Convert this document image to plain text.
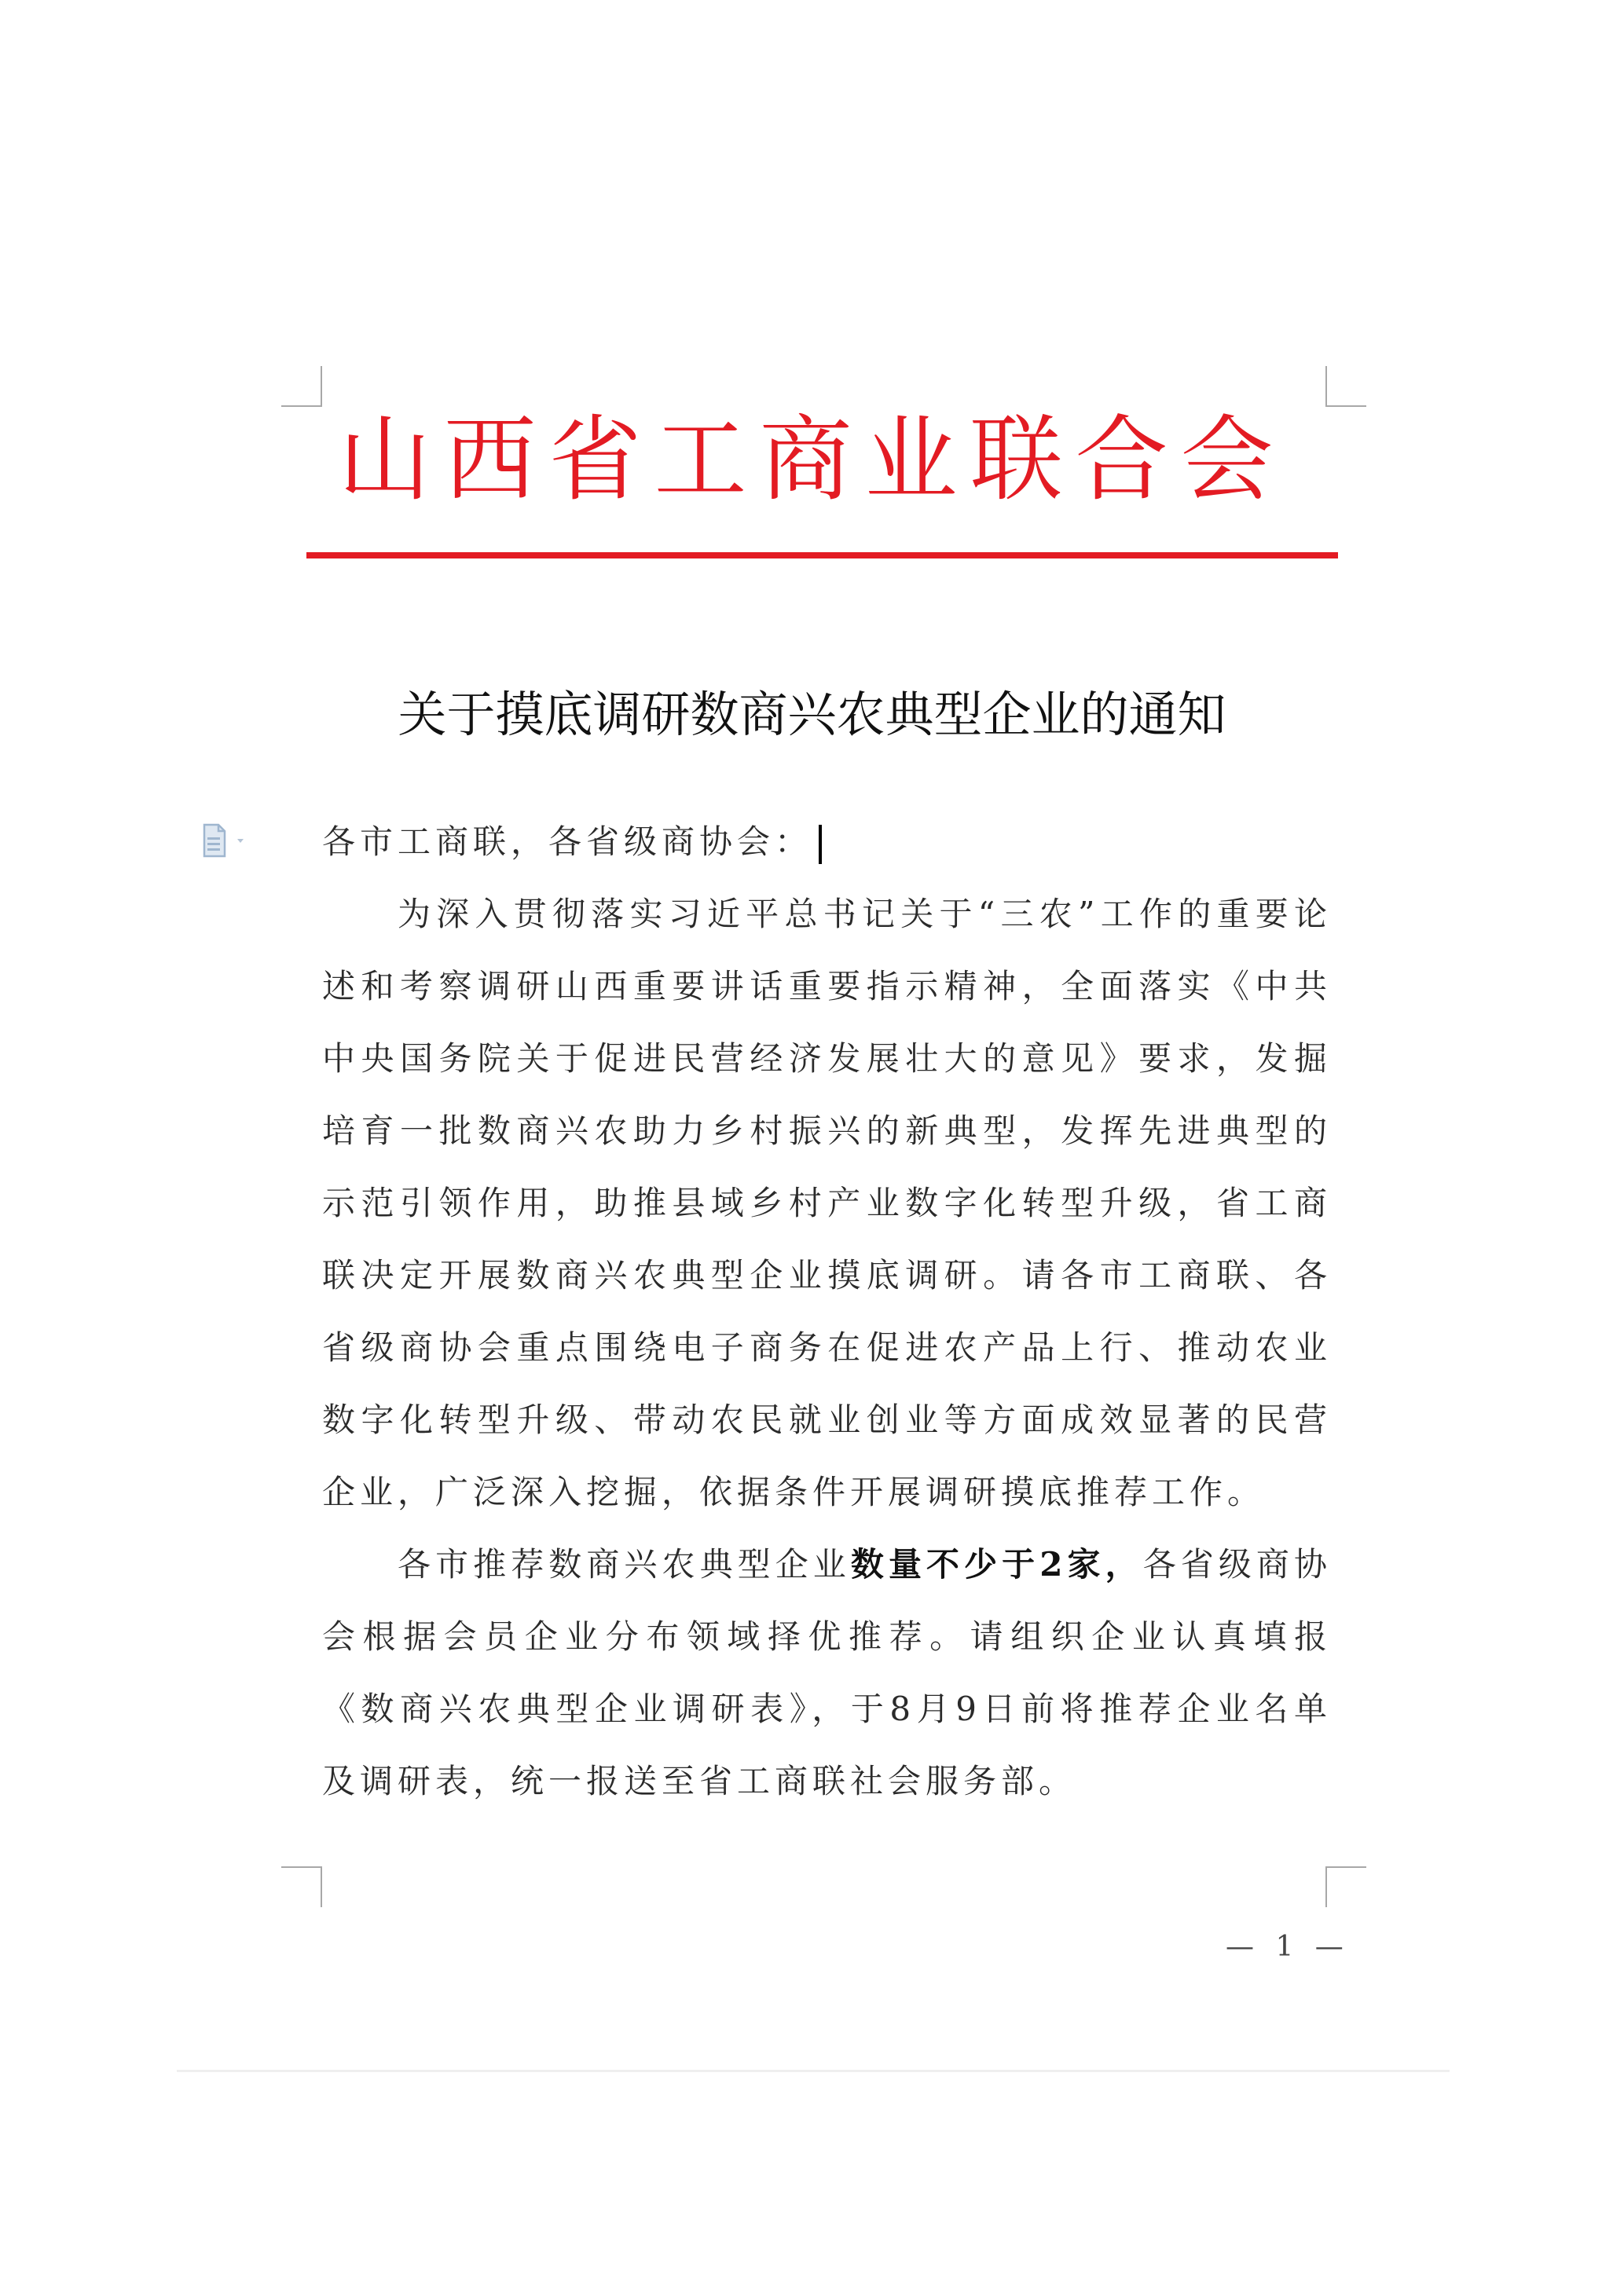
山西省工商业联合会
关于摸底调研数商兴农典型企业的通知
各市工商联，各省级商协会：
为深入贯彻落实习近平总书记关于“三农”工作的重要论述和考察调研山西重要讲话重要指示精神，全面落实《中共中央国务院关于促进民营经济发展壮大的意见》要求，发掘培育一批数商兴农助力乡村振兴的新典型，发挥先进典型的示范引领作用，助推县域乡村产业数字化转型升级，省工商联决定开展数商兴农典型企业摸底调研。请各市工商联、各省级商协会重点围绕电子商务在促进农产品上行、推动农业数字化转型升级、带动农民就业创业等方面成效显著的民营企业，广泛深入挖掘，依据条件开展调研摸底推荐工作。
各市推荐数商兴农典型企业数量不少于2家，各省级商协会根据会员企业分布领域择优推荐。请组织企业认真填报《数商兴农典型企业调研表》，于8月9日前将推荐企业名单及调研表，统一报送至省工商联社会服务部。
— 1 —
